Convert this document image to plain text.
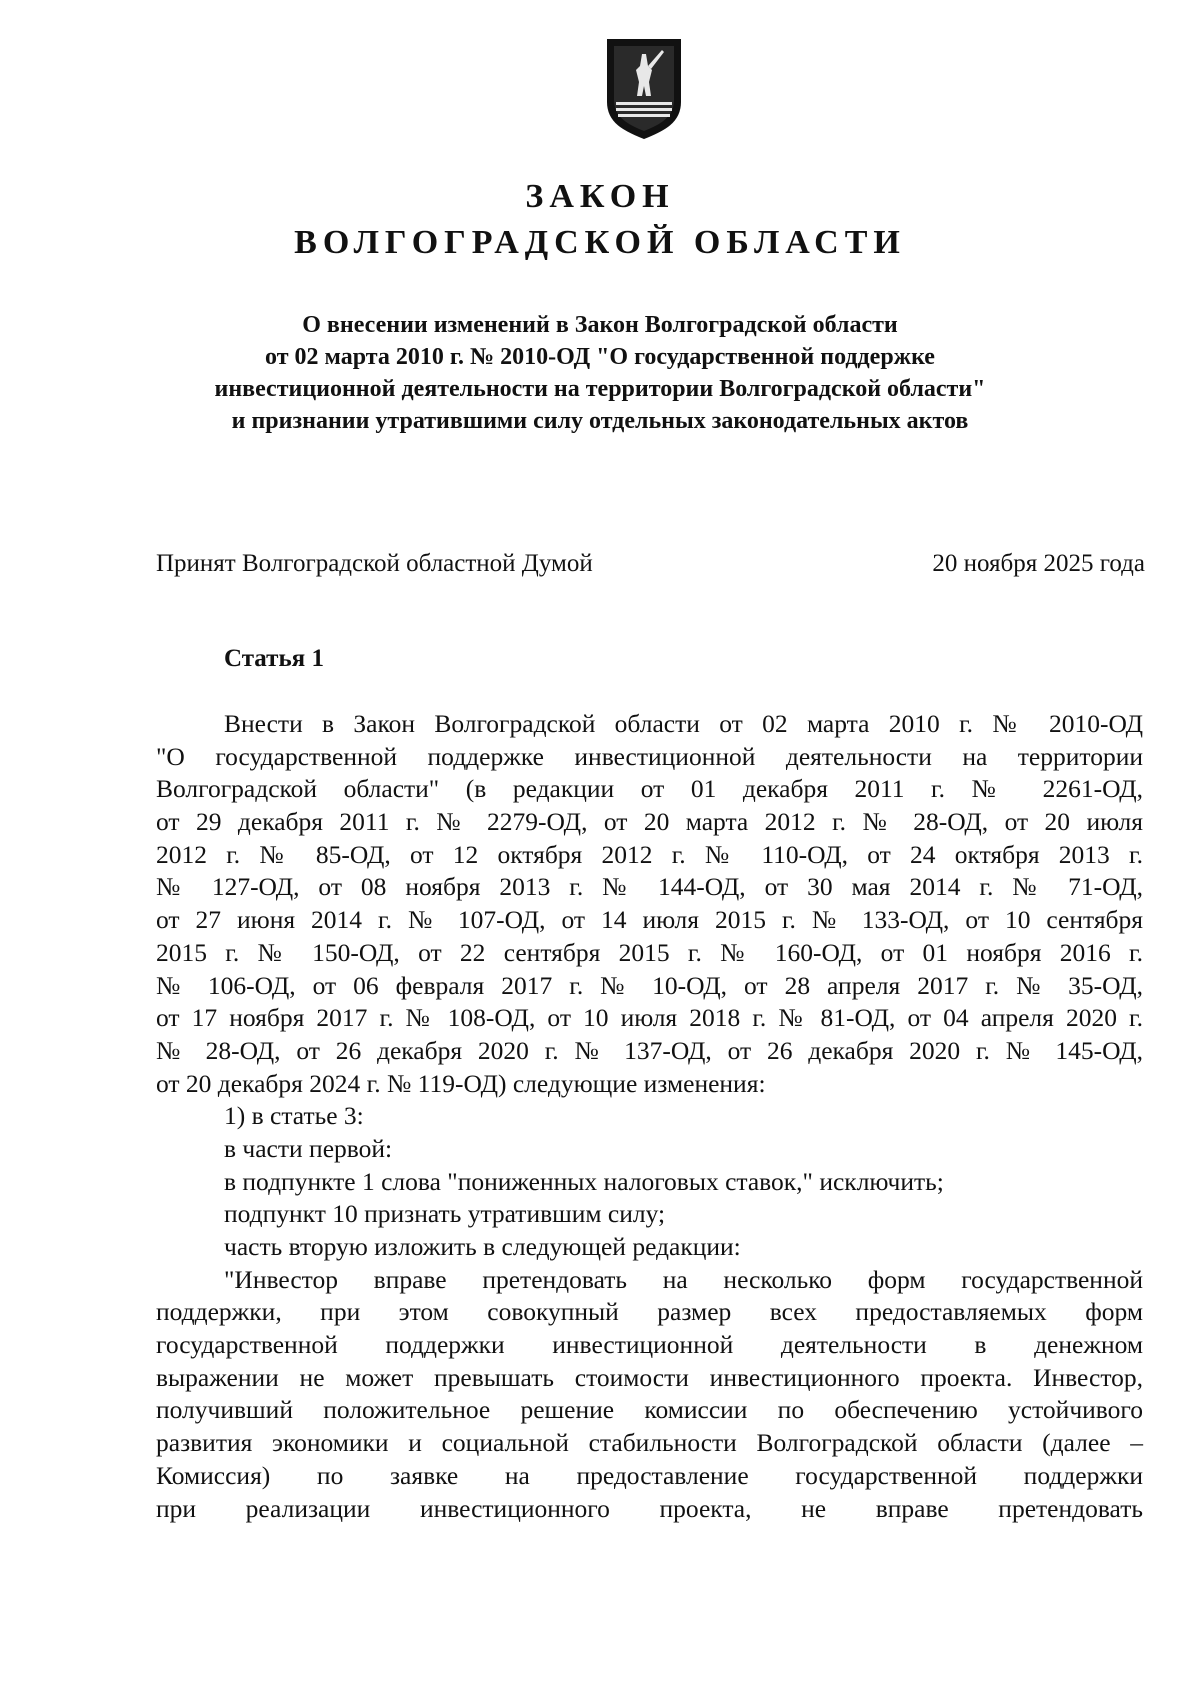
ЗАКОН
ВОЛГОГРАДСКОЙ ОБЛАСТИ
О внесении изменений в Закон Волгоградской области
от 02 марта 2010 г. № 2010-ОД "О государственной поддержке
инвестиционной деятельности на территории Волгоградской области"
и признании утратившими силу отдельных законодательных актов
Принят Волгоградской областной Думой	20 ноября 2025 года
Статья 1
Внести в Закон Волгоградской области от 02 марта 2010 г. № 2010-ОД
"О государственной поддержке инвестиционной деятельности на территории
Волгоградской области" (в редакции от 01 декабря 2011 г. № 2261-ОД,
от 29 декабря 2011 г. № 2279-ОД, от 20 марта 2012 г. № 28-ОД, от 20 июля
2012 г. № 85-ОД, от 12 октября 2012 г. № 110-ОД, от 24 октября 2013 г.
№ 127-ОД, от 08 ноября 2013 г. № 144-ОД, от 30 мая 2014 г. № 71-ОД,
от 27 июня 2014 г. № 107-ОД, от 14 июля 2015 г. № 133-ОД, от 10 сентября
2015 г. № 150-ОД, от 22 сентября 2015 г. № 160-ОД, от 01 ноября 2016 г.
№ 106-ОД, от 06 февраля 2017 г. № 10-ОД, от 28 апреля 2017 г. № 35-ОД,
от 17 ноября 2017 г. № 108-ОД, от 10 июля 2018 г. № 81-ОД, от 04 апреля 2020 г.
№ 28-ОД, от 26 декабря 2020 г. № 137-ОД, от 26 декабря 2020 г. № 145-ОД,
от 20 декабря 2024 г. № 119-ОД) следующие изменения:
1) в статье 3:
в части первой:
в подпункте 1 слова "пониженных налоговых ставок," исключить;
подпункт 10 признать утратившим силу;
часть вторую изложить в следующей редакции:
"Инвестор вправе претендовать на несколько форм государственной
поддержки, при этом совокупный размер всех предоставляемых форм
государственной поддержки инвестиционной деятельности в денежном
выражении не может превышать стоимости инвестиционного проекта. Инвестор,
получивший положительное решение комиссии по обеспечению устойчивого
развития экономики и социальной стабильности Волгоградской области (далее –
Комиссия) по заявке на предоставление государственной поддержки
при реализации инвестиционного проекта, не вправе претендовать
